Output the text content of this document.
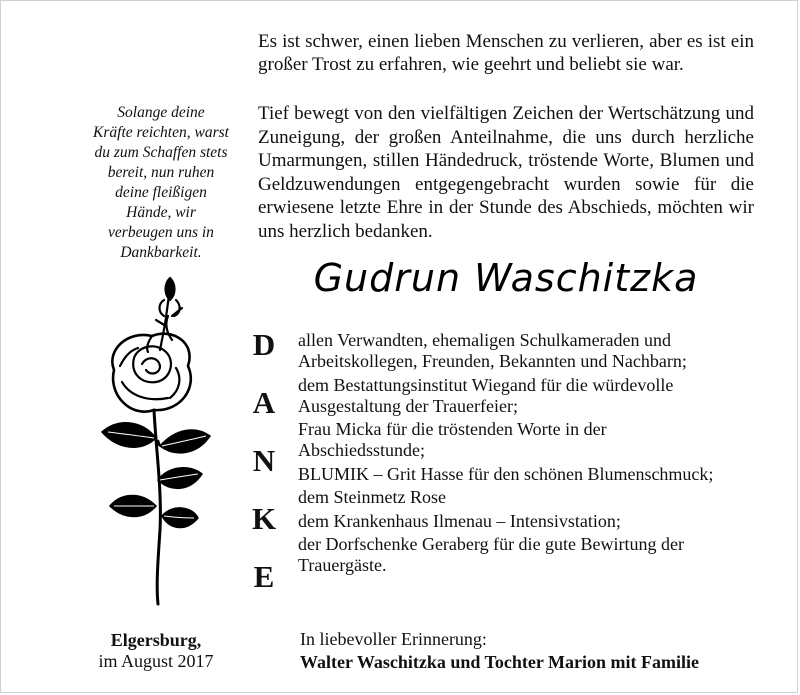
Es ist schwer, einen lieben Menschen zu verlieren, aber es ist ein großer Trost zu erfahren, wie geehrt und beliebt sie war.

Solange deine
Kräfte reichten, warst
du zum Schaffen stets
bereit, nun ruhen
deine fleißigen
Hände, wir
verbeugen uns in
Dankbarkeit.

Tief bewegt von den vielfältigen Zeichen der Wertschätzung und Zuneigung, der großen Anteilnahme, die uns durch herzliche Umarmungen, stillen Händedruck, tröstende Worte, Blumen und Geldzuwendungen entgegengebracht wurden sowie für die erwiesene letzte Ehre in der Stunde des Abschieds, möchten wir uns herzlich bedanken.

Gudrun Waschitzka
D
A
N
K
E
allen Verwandten, ehemaligen Schulkameraden und
Arbeitskollegen, Freunden, Bekannten und Nachbarn;
dem Bestattungsinstitut Wiegand für die würdevolle
Ausgestaltung der Trauerfeier;
Frau Micka für die tröstenden Worte in der
Abschiedsstunde;
BLUMIK – Grit Hasse für den schönen Blumenschmuck;
dem Steinmetz Rose
dem Krankenhaus Ilmenau – Intensivstation;
der Dorfschenke Geraberg für die gute Bewirtung der
Trauergäste.
Elgersburg,
im August 2017
In liebevoller Erinnerung:
Walter Waschitzka und Tochter Marion mit Familie
